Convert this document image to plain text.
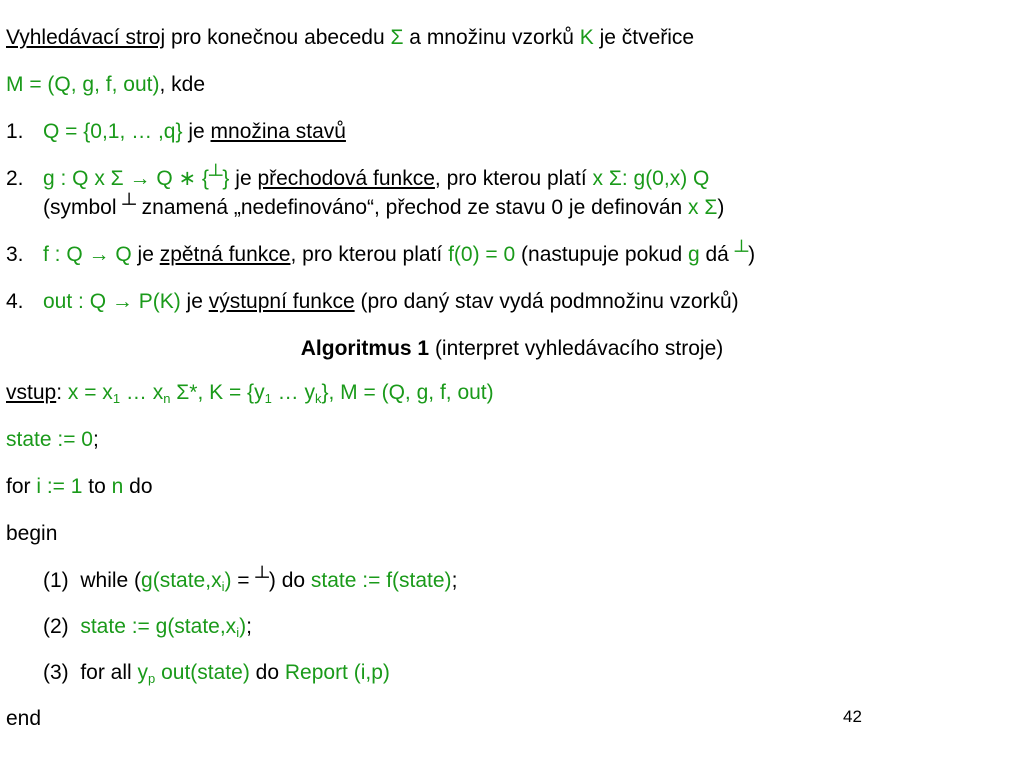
Vyhledávací stroj pro konečnou abecedu Σ a množinu vzorků K je čtveřice
M = (Q, g, f, out), kde
1. Q = {0,1, … ,q} je množina stavů
2. g : Q x Σ → Q ∗ {┴} je přechodová funkce, pro kterou platí x Σ: g(0,x) Q
(symbol ┴ znamená „nedefinováno“, přechod ze stavu 0 je definován x Σ)
3. f : Q → Q je zpětná funkce, pro kterou platí f(0) = 0 (nastupuje pokud g dá ┴)
4. out : Q → P(K) je výstupní funkce (pro daný stav vydá podmnožinu vzorků)
Algoritmus 1 (interpret vyhledávacího stroje)
vstup: $x = x_1$ … $x_n$ Σ*, $K = \{y_1$ … $y_k$}, M = (Q, g, f, out)
state := 0;
for i := 1 to n do
begin
(1) while ($g(state,x_i)$ = ┴) do state := f(state);
(2) state := $g(state,x_i)$;
(3) for all $y_p$ out(state) do Report (i,p)
end	42
